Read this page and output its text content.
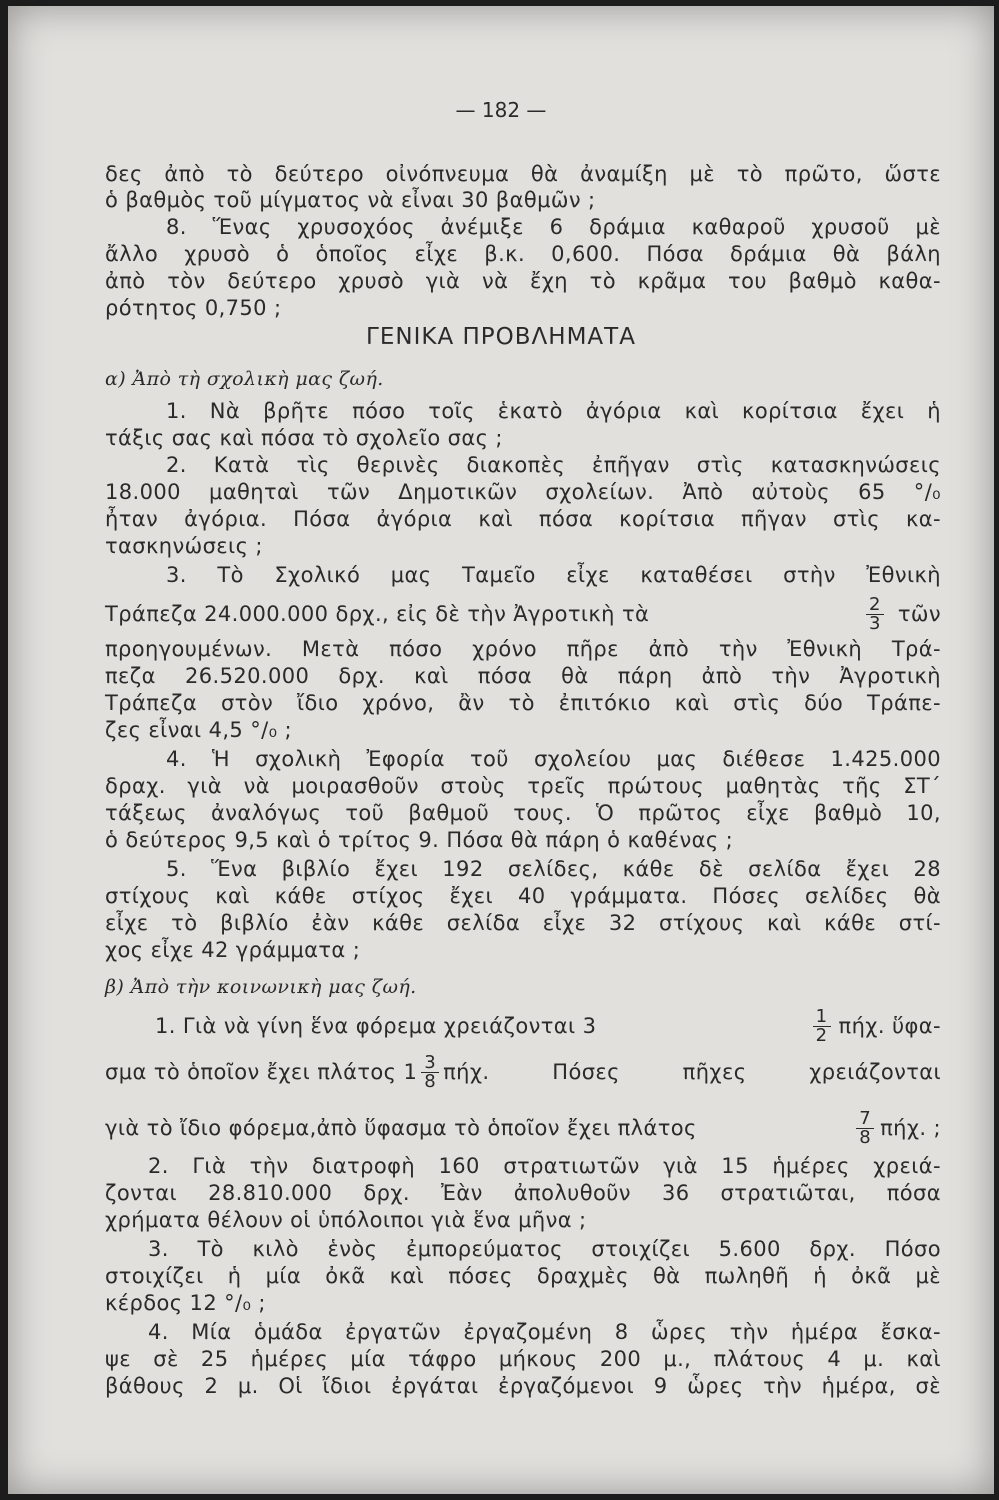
— 182 —
δες ἀπὸ τὸ δεύτερο οἰνόπνευμα θὰ ἀναμίξη μὲ τὸ πρῶτο, ὥστε
ὁ βαθμὸς τοῦ μίγματος νὰ εἶναι 30 βαθμῶν ;
8. Ἕνας χρυσοχόος ἀνέμιξε 6 δράμια καθαροῦ χρυσοῦ μὲ
ἄλλο χρυσὸ ὁ ὁποῖος εἶχε β.κ. 0,600. Πόσα δράμια θὰ βάλη
ἀπὸ τὸν δεύτερο χρυσὸ γιὰ νὰ ἔχη τὸ κρᾶμα του βαθμὸ καθα-
ρότητος 0,750 ;
ΓΕΝΙΚΑ ΠΡΟΒΛΗΜΑΤΑ
α) Ἀπὸ τὴ σχολικὴ μας ζωή.
1. Νὰ βρῆτε πόσο τοῖς ἑκατὸ ἀγόρια καὶ κορίτσια ἔχει ἡ
τάξις σας καὶ πόσα τὸ σχολεῖο σας ;
2. Κατὰ τὶς θερινὲς διακοπὲς ἐπῆγαν στὶς κατασκηνώσεις
18.000 μαθηταὶ τῶν Δημοτικῶν σχολείων. Ἀπὸ αὐτοὺς 65 °/₀
ἦταν ἀγόρια. Πόσα ἀγόρια καὶ πόσα κορίτσια πῆγαν στὶς κα-
τασκηνώσεις ;
3. Τὸ Σχολικό μας Ταμεῖο εἶχε καταθέσει στὴν Ἐθνικὴ
Τράπεζα 24.000.000 δρχ., εἰς δὲ τὴν Ἀγροτικὴ τὰ	$\frac{2}{3}$ τῶν
προηγουμένων. Μετὰ πόσο χρόνο πῆρε ἀπὸ τὴν Ἐθνικὴ Τρά-
πεζα 26.520.000 δρχ. καὶ πόσα θὰ πάρη ἀπὸ τὴν Ἀγροτικὴ
Τράπεζα στὸν ἴδιο χρόνο, ἂν τὸ ἐπιτόκιο καὶ στὶς δύο Τράπε-
ζες εἶναι 4,5 °/₀ ;
4. Ἡ σχολικὴ Ἐφορία τοῦ σχολείου μας διέθεσε 1.425.000
δραχ. γιὰ νὰ μοιρασθοῦν στοὺς τρεῖς πρώτους μαθητὰς τῆς ΣΤ´
τάξεως ἀναλόγως τοῦ βαθμοῦ τους. Ὁ πρῶτος εἶχε βαθμὸ 10,
ὁ δεύτερος 9,5 καὶ ὁ τρίτος 9. Πόσα θὰ πάρη ὁ καθένας ;
5. Ἕνα βιβλίο ἔχει 192 σελίδες, κάθε δὲ σελίδα ἔχει 28
στίχους καὶ κάθε στίχος ἔχει 40 γράμματα. Πόσες σελίδες θὰ
εἶχε τὸ βιβλίο ἐὰν κάθε σελίδα εἶχε 32 στίχους καὶ κάθε στί-
χος εἶχε 42 γράμματα ;
β) Ἀπὸ τὴν κοινωνικὴ μας ζωή.
1. Γιὰ νὰ γίνη ἕνα φόρεμα χρειάζονται 3	$\frac{1}{2} \pi ή\chi$. ὕφα-
σμα τὸ ὁποῖον ἔχει πλάτος $1 \frac{3}{8} \pi ή\chi$. Πόσες πῆχες χρειάζονται
γιὰ τὸ ἴδιο φόρεμα,ἀπὸ ὕφασμα τὸ ὁποῖον ἔχει πλάτος	$\frac{7}{8} \pi ή\chi$. ;
2. Γιὰ τὴν διατροφὴ 160 στρατιωτῶν γιὰ 15 ἡμέρες χρειά-
ζονται 28.810.000 δρχ. Ἐὰν ἀπολυθοῦν 36 στρατιῶται, πόσα
χρήματα θέλουν οἱ ὑπόλοιποι γιὰ ἕνα μῆνα ;
3. Τὸ κιλὸ ἑνὸς ἐμπορεύματος στοιχίζει 5.600 δρχ. Πόσο
στοιχίζει ἡ μία ὀκᾶ καὶ πόσες δραχμὲς θὰ πωληθῆ ἡ ὀκᾶ μὲ
κέρδος 12 °/₀ ;
4. Μία ὁμάδα ἐργατῶν ἐργαζομένη 8 ὧρες τὴν ἡμέρα ἔσκα-
ψε σὲ 25 ἡμέρες μία τάφρο μήκους 200 μ., πλάτους 4 μ. καὶ
βάθους 2 μ. Οἱ ἴδιοι ἐργάται ἐργαζόμενοι 9 ὧρες τὴν ἡμέρα, σὲ
